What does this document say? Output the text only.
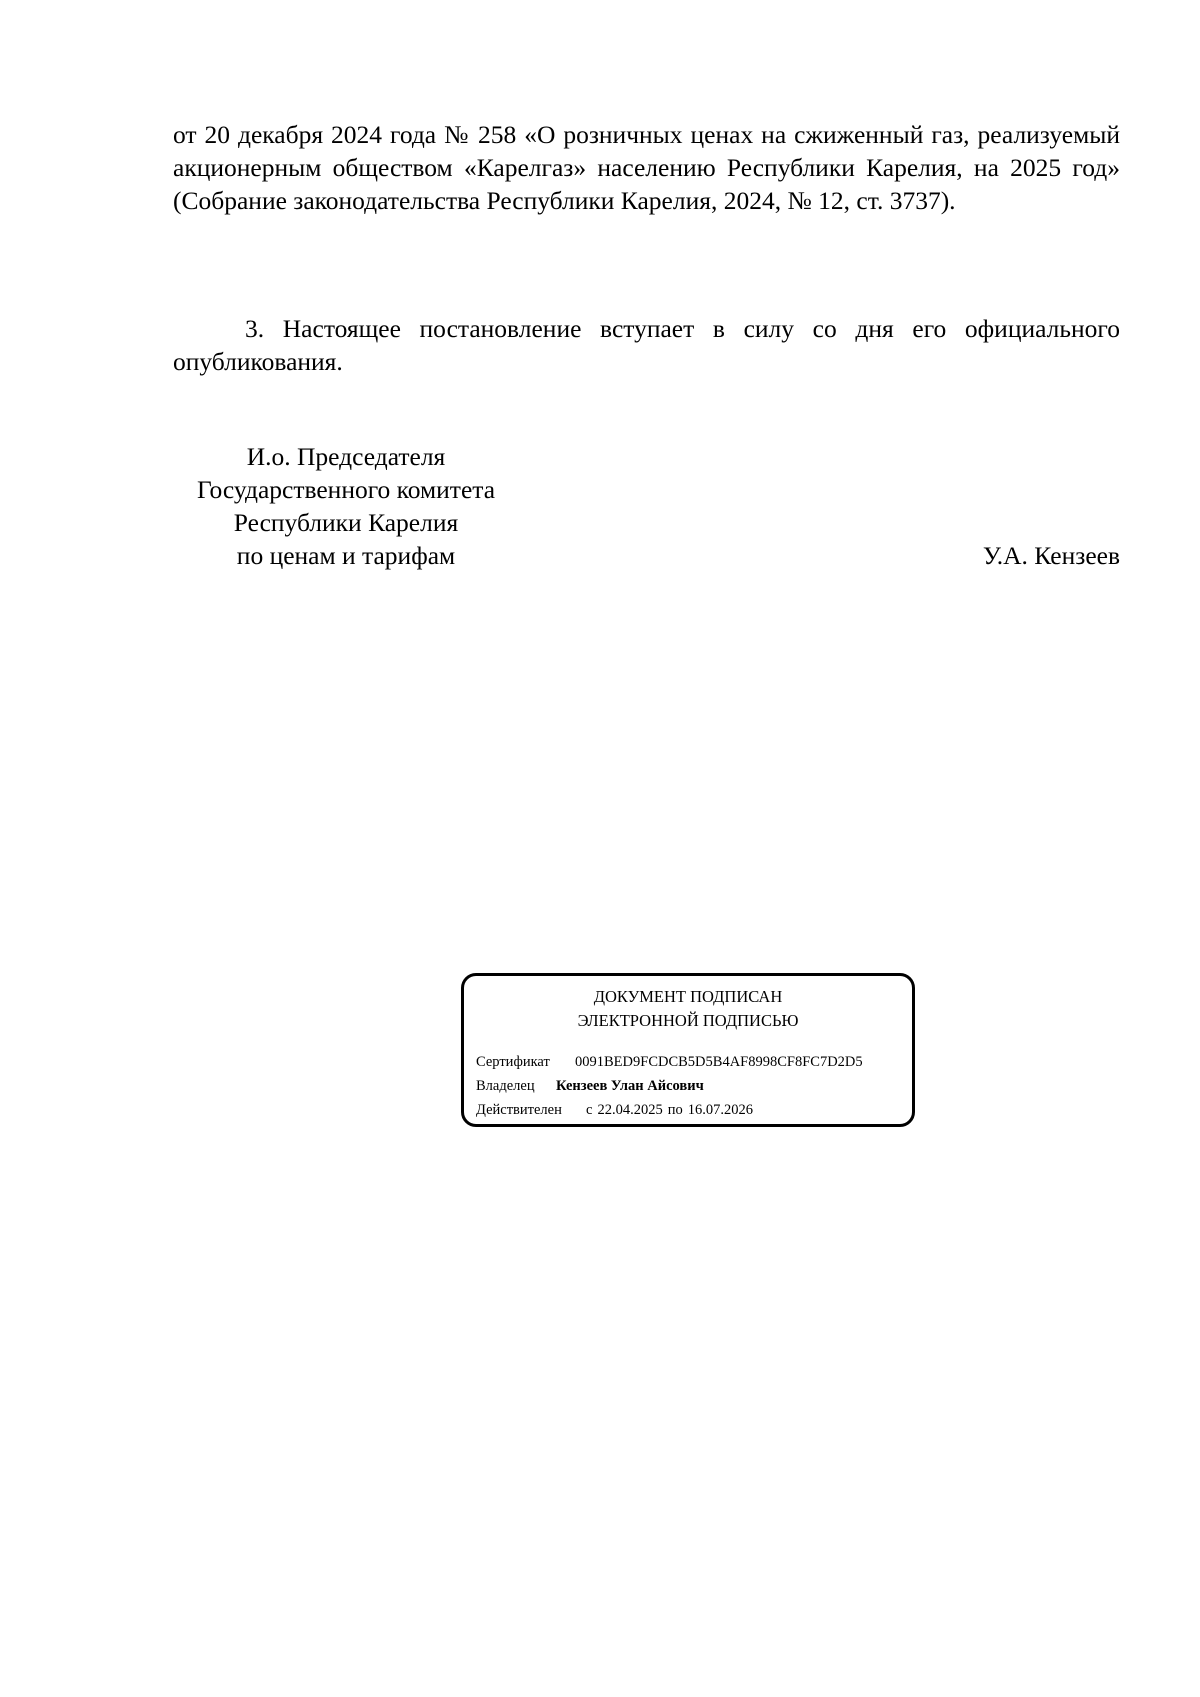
от 20 декабря 2024 года № 258 «О розничных ценах на сжиженный газ, реализуемый акционерным обществом «Карелгаз» населению Республики Карелия, на 2025 год» (Собрание законодательства Республики Карелия, 2024, № 12, ст. 3737).

3. Настоящее постановление вступает в силу со дня его официального опубликования.

И.о. Председателя
Государственного комитета
Республики Карелия
по ценам и тарифам	У.А. Кензеев
ДОКУМЕНТ ПОДПИСАН
ЭЛЕКТРОННОЙ ПОДПИСЬЮ
Сертификат 0091BED9FCDCB5D5B4AF8998CF8FC7D2D5
Владелец Кензеев Улан Айсович
Действителен с 22.04.2025 по 16.07.2026
